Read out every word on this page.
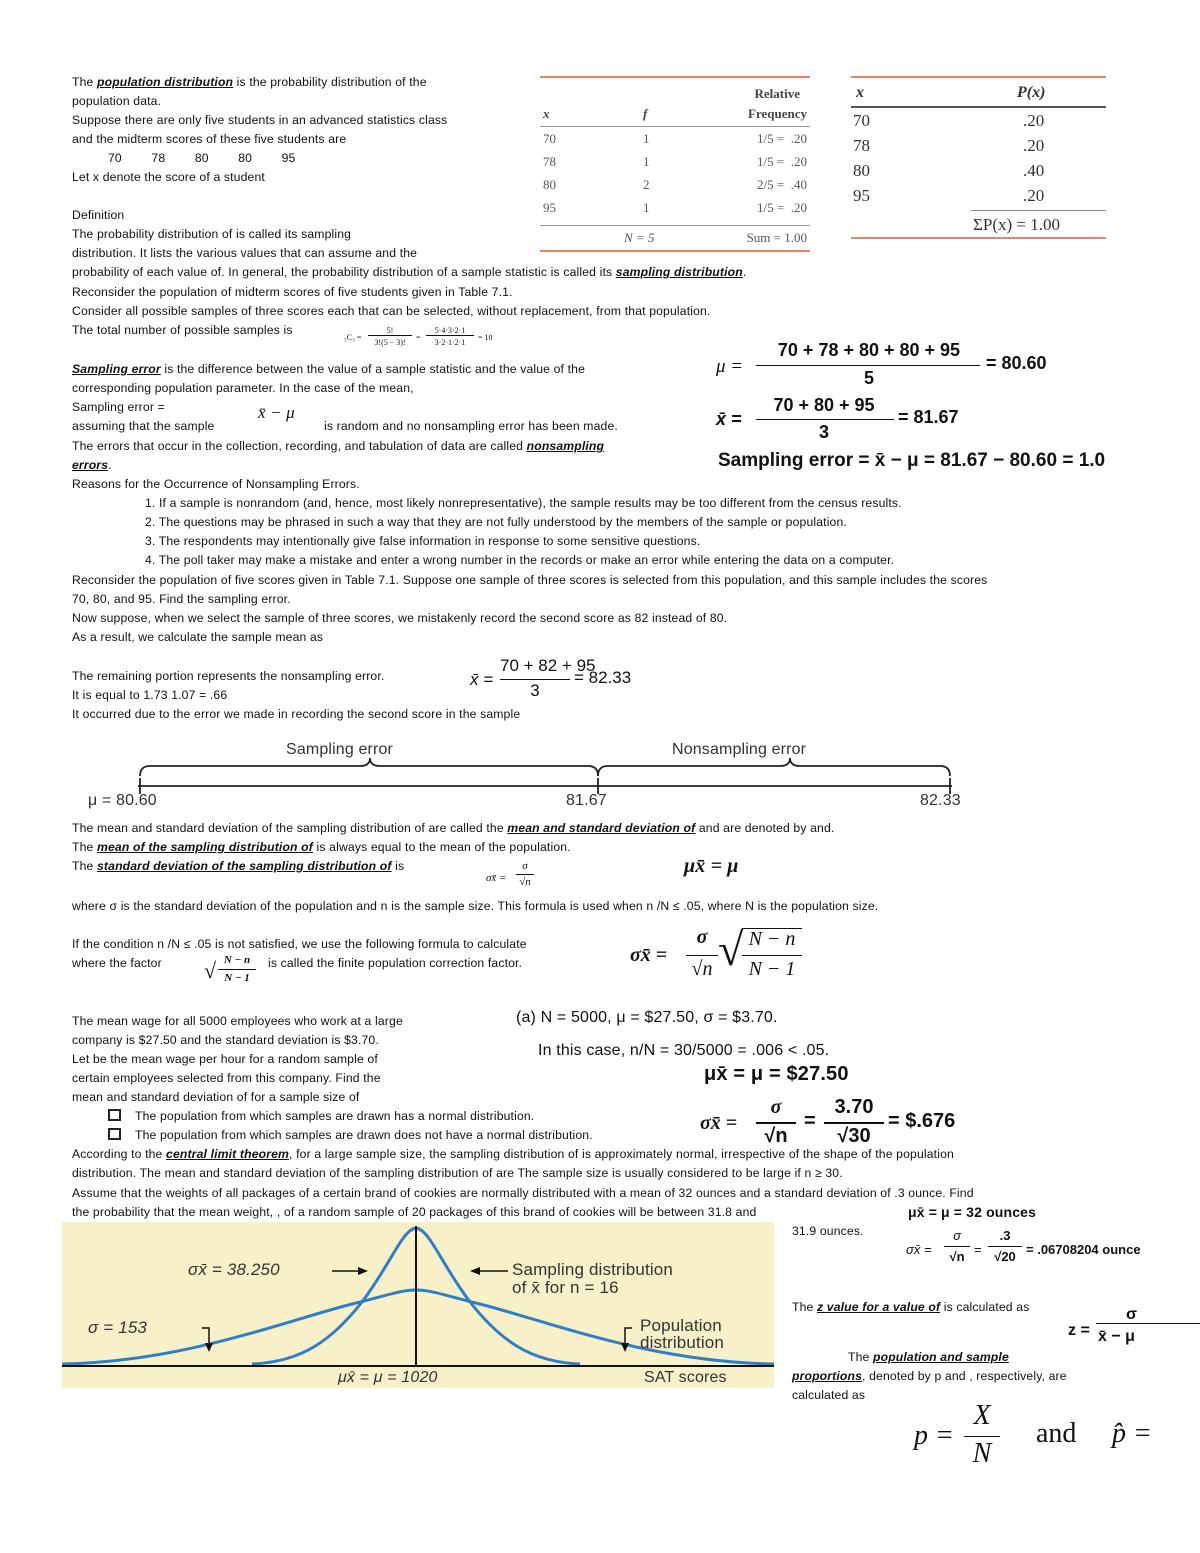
The population distribution is the probability distribution of the
population data.
Suppose there are only five students in an advanced statistics class
and the midterm scores of these five students are
70 78 80 80 95
Let x denote the score of a student
Definition
The probability distribution of is called its sampling
distribution. It lists the various values that can assume and the
probability of each value of. In general, the probability distribution of a sample statistic is called its sampling distribution.
Reconsider the population of midterm scores of five students given in Table 7.1.
Consider all possible samples of three scores each that can be selected, without replacement, from that population.
The total number of possible samples is
₅C₃ =
5!
3!(5 − 3)!
=
5·4·3·2·1
3·2·1·2·1
= 10
x	f
Relative
Frequency
70	1	1/5 =  .20
78	1	1/5 =  .20
80	2	2/5 =  .40
95	1	1/5 =  .20
N = 5	Sum = 1.00
x	P(x)
70	.20
78	.20
80	.40
95	.20
ΣP(x) = 1.00
μ =
70 + 78 + 80 + 80 + 95
5
= 80.60
x̄ =
70 + 80 + 95
3
= 81.67
Sampling error = x̄ − μ = 81.67 − 80.60 = 1.0
Sampling error is the difference between the value of a sample statistic and the value of the
corresponding population parameter. In the case of the mean,
Sampling error =
assuming that the sample
x̄ − μ
is random and no nonsampling error has been made.
The errors that occur in the collection, recording, and tabulation of data are called nonsampling
errors.
Reasons for the Occurrence of Nonsampling Errors.
1. If a sample is nonrandom (and, hence, most likely nonrepresentative), the sample results may be too different from the census results.
2. The questions may be phrased in such a way that they are not fully understood by the members of the sample or population.
3. The respondents may intentionally give false information in response to some sensitive questions.
4. The poll taker may make a mistake and enter a wrong number in the records or make an error while entering the data on a computer.
Reconsider the population of five scores given in Table 7.1. Suppose one sample of three scores is selected from this population, and this sample includes the scores
70, 80, and 95. Find the sampling error.
Now suppose, when we select the sample of three scores, we mistakenly record the second score as 82 instead of 80.
As a result, we calculate the sample mean as
The remaining portion represents the nonsampling error.
It is equal to 1.73 1.07 = .66
It occurred due to the error we made in recording the second score in the sample
x̄ =
70 + 82 + 95
3
= 82.33
Sampling error	Nonsampling error
μ = 80.60	81.67	82.33
The mean and standard deviation of the sampling distribution of are called the mean and standard deviation of and are denoted by and.
The mean of the sampling distribution of is always equal to the mean of the population.
The standard deviation of the sampling distribution of is
σx̄ =
σ
√n
μx̄ = μ
where σ is the standard deviation of the population and n is the sample size. This formula is used when n /N ≤ .05, where N is the population size.
If the condition n /N ≤ .05 is not satisfied, we use the following formula to calculate
where the factor √ N − n
N − 1
is called the finite population correction factor.	σx̄ =
σ
√n √ N − n
N − 1
The mean wage for all 5000 employees who work at a large
company is $27.50 and the standard deviation is $3.70.
Let be the mean wage per hour for a random sample of
certain employees selected from this company. Find the
mean and standard deviation of for a sample size of
The population from which samples are drawn has a normal distribution.
The population from which samples are drawn does not have a normal distribution.
(a) N = 5000, μ = $27.50, σ = $3.70.
In this case, n/N = 30/5000 = .006 < .05.
μx̄ = μ = $27.50
σx̄ =
σ
√n
=
3.70
√30
= $.676
According to the central limit theorem, for a large sample size, the sampling distribution of is approximately normal, irrespective of the shape of the population
distribution. The mean and standard deviation of the sampling distribution of are The sample size is usually considered to be large if n ≥ 30.
Assume that the weights of all packages of a certain brand of cookies are normally distributed with a mean of 32 ounces and a standard deviation of .3 ounce. Find
the probability that the mean weight, , of a random sample of 20 packages of this brand of cookies will be between 31.8 and
31.9 ounces.
μx̄ = μ = 32 ounces
σx̄ =
σ
√n =
.3
√20 = .06708204 ounce
σx̄ = 38.250
σ = 153
Sampling distribution
of x̄ for n = 16
Population
distribution
μx̄ = μ = 1020	SAT scores
The z value for a value of is calculated as
z =
σ
x̄ − μ
The population and sample
proportions, denoted by p and , respectively, are
calculated as
p =
X
N
and p̂ =
